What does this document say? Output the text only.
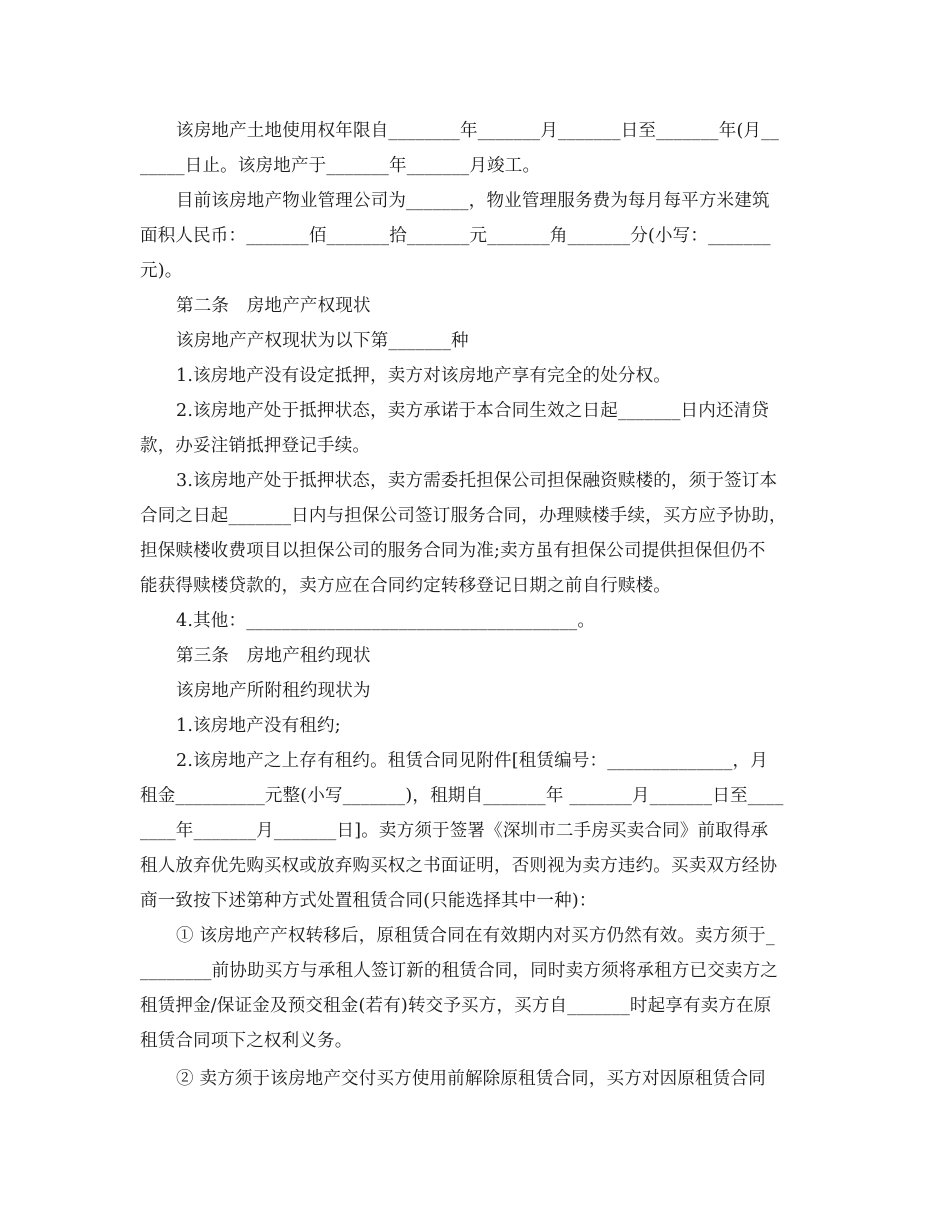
该房地产土地使用权年限自________年_______月_______日至_______年(月__
_____日止。该房地产于_______年_______月竣工。
目前该房地产物业管理公司为_______，物业管理服务费为每月每平方米建筑
面积人民币：_______佰_______拾_______元_______角_______分(小写：_______
元)。
第二条　房地产产权现状
该房地产产权现状为以下第_______种
1.该房地产没有设定抵押，卖方对该房地产享有完全的处分权。
2.该房地产处于抵押状态，卖方承诺于本合同生效之日起_______日内还清贷
款，办妥注销抵押登记手续。
3.该房地产处于抵押状态，卖方需委托担保公司担保融资赎楼的，须于签订本
合同之日起_______日内与担保公司签订服务合同，办理赎楼手续，买方应予协助，
担保赎楼收费项目以担保公司的服务合同为准;卖方虽有担保公司提供担保但仍不
能获得赎楼贷款的，卖方应在合同约定转移登记日期之前自行赎楼。
4.其他：_____________________________________。
第三条　房地产租约现状
该房地产所附租约现状为
1.该房地产没有租约;
2.该房地产之上存有租约。租赁合同见附件[租赁编号：______________，月
租金__________元整(小写_______)，租期自_______年 _______月_______日至____
____年_______月_______日]。卖方须于签署《深圳市二手房买卖合同》前取得承
租人放弃优先购买权或放弃购买权之书面证明，否则视为卖方违约。买卖双方经协
商一致按下述第种方式处置租赁合同(只能选择其中一种)：
① 该房地产产权转移后，原租赁合同在有效期内对买方仍然有效。卖方须于_
________前协助买方与承租人签订新的租赁合同，同时卖方须将承租方已交卖方之
租赁押金/保证金及预交租金(若有)转交予买方，买方自_______时起享有卖方在原
租赁合同项下之权利义务。
② 卖方须于该房地产交付买方使用前解除原租赁合同，买方对因原租赁合同
